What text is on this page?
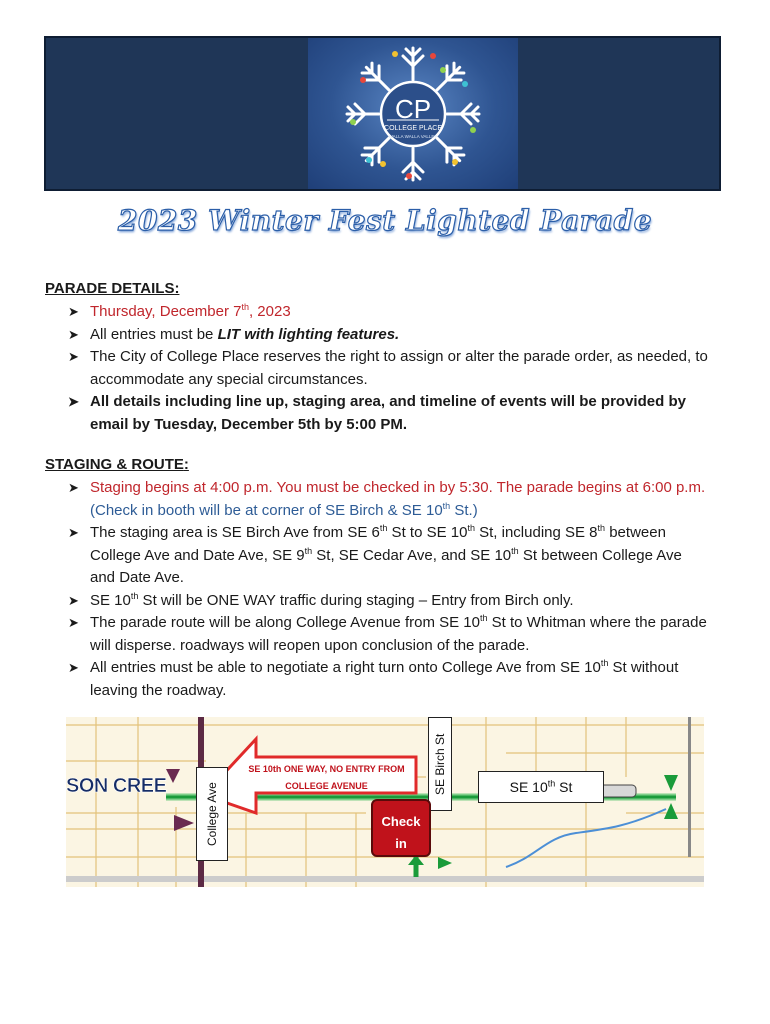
CP
COLLEGE PLACE
WALLA WALLA VALLEY
2023 Winter Fest Lighted Parade
PARADE DETAILS:
➤ Thursday, December 7th, 2023
➤ All entries must be LIT with lighting features.
➤ The City of College Place reserves the right to assign or alter the parade order, as needed, to accommodate any special circumstances.
➤ All details including line up, staging area, and timeline of events will be provided by email by Tuesday, December 5th by 5:00 PM.
STAGING & ROUTE:
➤ Staging begins at 4:00 p.m. You must be checked in by 5:30. The parade begins at 6:00 p.m. (Check in booth will be at corner of SE Birch & SE 10th St.)
➤ The staging area is SE Birch Ave from SE 6th St to SE 10th St, including SE 8th between College Ave and Date Ave, SE 9th St, SE Cedar Ave, and SE 10th St between College Ave and Date Ave.
➤ SE 10th St will be ONE WAY traffic during staging – Entry from Birch only.
➤ The parade route will be along College Avenue from SE 10th St to Whitman where the parade will disperse. roadways will reopen upon conclusion of the parade.
➤ All entries must be able to negotiate a right turn onto College Ave from SE 10th St without leaving the roadway.
SON CREE
SE 10th ONE WAY, NO ENTRY FROM
COLLEGE AVENUE
College Ave
SE Birch St	SE 10th St
Check
in
